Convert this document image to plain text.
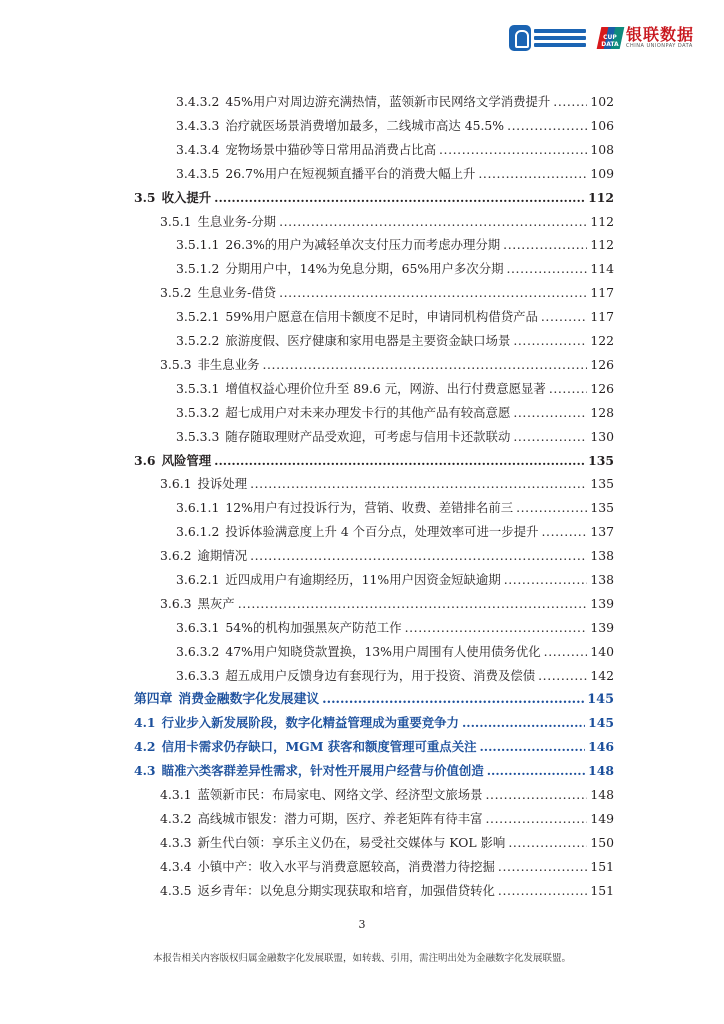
CUP DATA
银联数据
CHINA UNIONPAY DATA
3.4.3.2 45%用户对周边游充满热情，蓝领新市民网络文学消费提升 .....	102
3.4.3.3 治疗就医场景消费增加最多，二线城市高达 45.5% .....	106
3.4.3.4 宠物场景中猫砂等日常用品消费占比高 .....	108
3.4.3.5 26.7%用户在短视频直播平台的消费大幅上升 .....	109
3.5 收入提升 .....	112
3.5.1 生息业务-分期 .....	112
3.5.1.1 26.3%的用户为减轻单次支付压力而考虑办理分期 .....	112
3.5.1.2 分期用户中，14%为免息分期，65%用户多次分期 .....	114
3.5.2 生息业务-借贷 .....	117
3.5.2.1 59%用户愿意在信用卡额度不足时，申请同机构借贷产品 .....	117
3.5.2.2 旅游度假、医疗健康和家用电器是主要资金缺口场景 .....	122
3.5.3 非生息业务 .....	126
3.5.3.1 增值权益心理价位升至 89.6 元，网游、出行付费意愿显著 .....	126
3.5.3.2 超七成用户对未来办理发卡行的其他产品有较高意愿 .....	128
3.5.3.3 随存随取理财产品受欢迎，可考虑与信用卡还款联动 .....	130
3.6 风险管理 .....	135
3.6.1 投诉处理 .....	135
3.6.1.1 12%用户有过投诉行为，营销、收费、差错排名前三 .....	135
3.6.1.2 投诉体验满意度上升 4 个百分点，处理效率可进一步提升 .....	137
3.6.2 逾期情况 .....	138
3.6.2.1 近四成用户有逾期经历，11%用户因资金短缺逾期 .....	138
3.6.3 黑灰产 .....	139
3.6.3.1 54%的机构加强黑灰产防范工作 .....	139
3.6.3.2 47%用户知晓贷款置换，13%用户周围有人使用债务优化 .....	140
3.6.3.3 超五成用户反馈身边有套现行为，用于投资、消费及偿债 .....	142
第四章 消费金融数字化发展建议 .....	145
4.1 行业步入新发展阶段，数字化精益管理成为重要竞争力 .....	145
4.2 信用卡需求仍存缺口，MGM 获客和额度管理可重点关注 .....	146
4.3 瞄准六类客群差异性需求，针对性开展用户经营与价值创造 .....	148
4.3.1 蓝领新市民：布局家电、网络文学、经济型文旅场景 .....	148
4.3.2 高线城市银发：潜力可期，医疗、养老矩阵有待丰富 .....	149
4.3.3 新生代白领：享乐主义仍在，易受社交媒体与 KOL 影响 .....	150
4.3.4 小镇中产：收入水平与消费意愿较高，消费潜力待挖掘 .....	151
4.3.5 返乡青年：以免息分期实现获取和培育，加强借贷转化 .....	151
3
本报告相关内容版权归属金融数字化发展联盟，如转载、引用，需注明出处为金融数字化发展联盟。
